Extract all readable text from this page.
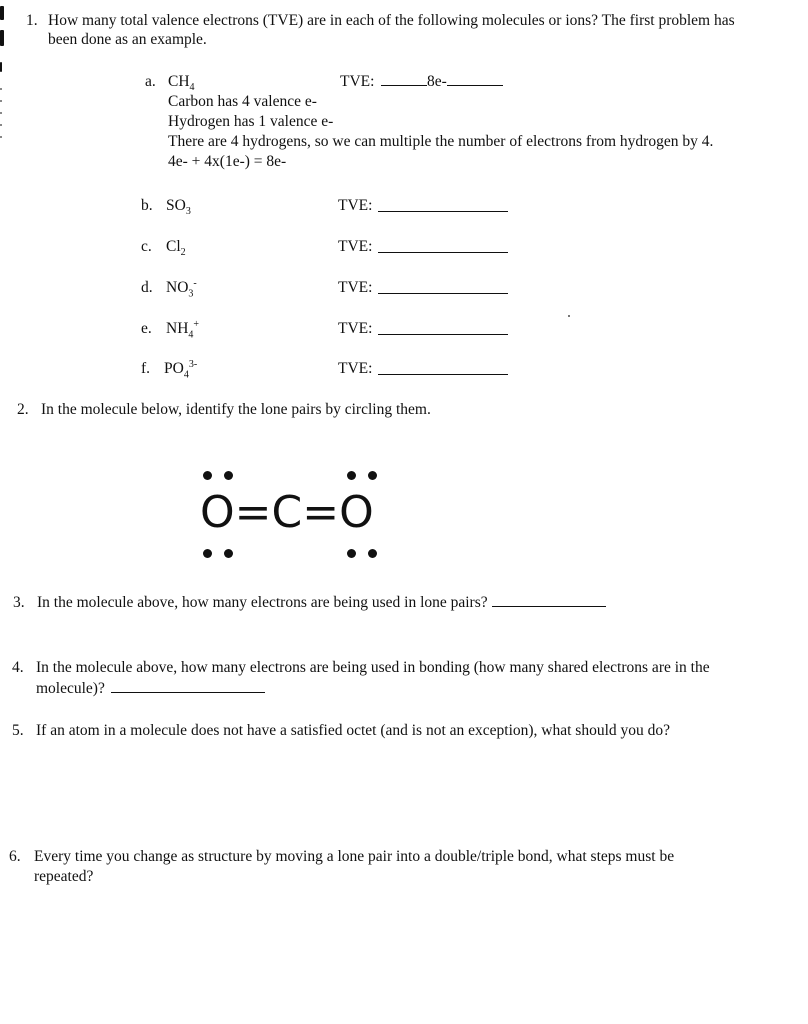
1. How many total valence electrons (TVE) are in each of the following molecules or ions? The first problem has
been done as an example.
a. $CH_4$	TVE:	8e-
Carbon has 4 valence e-
Hydrogen has 1 valence e-
There are 4 hydrogens, so we can multiple the number of electrons from hydrogen by 4.
4e- + 4x(1e-) = 8e-
b. $SO_3$	TVE:
c. $Cl_2$	TVE:
d. $NO_3^-$	TVE:
e. $NH_4^+$	TVE:
f. $PO_4^{3-}$	TVE:
2. In the molecule below, identify the lone pairs by circling them.
O=C=O
3. In the molecule above, how many electrons are being used in lone pairs?
4. In the molecule above, how many electrons are being used in bonding (how many shared electrons are in the
molecule)?
5. If an atom in a molecule does not have a satisfied octet (and is not an exception), what should you do?
6. Every time you change as structure by moving a lone pair into a double/triple bond, what steps must be
repeated?
